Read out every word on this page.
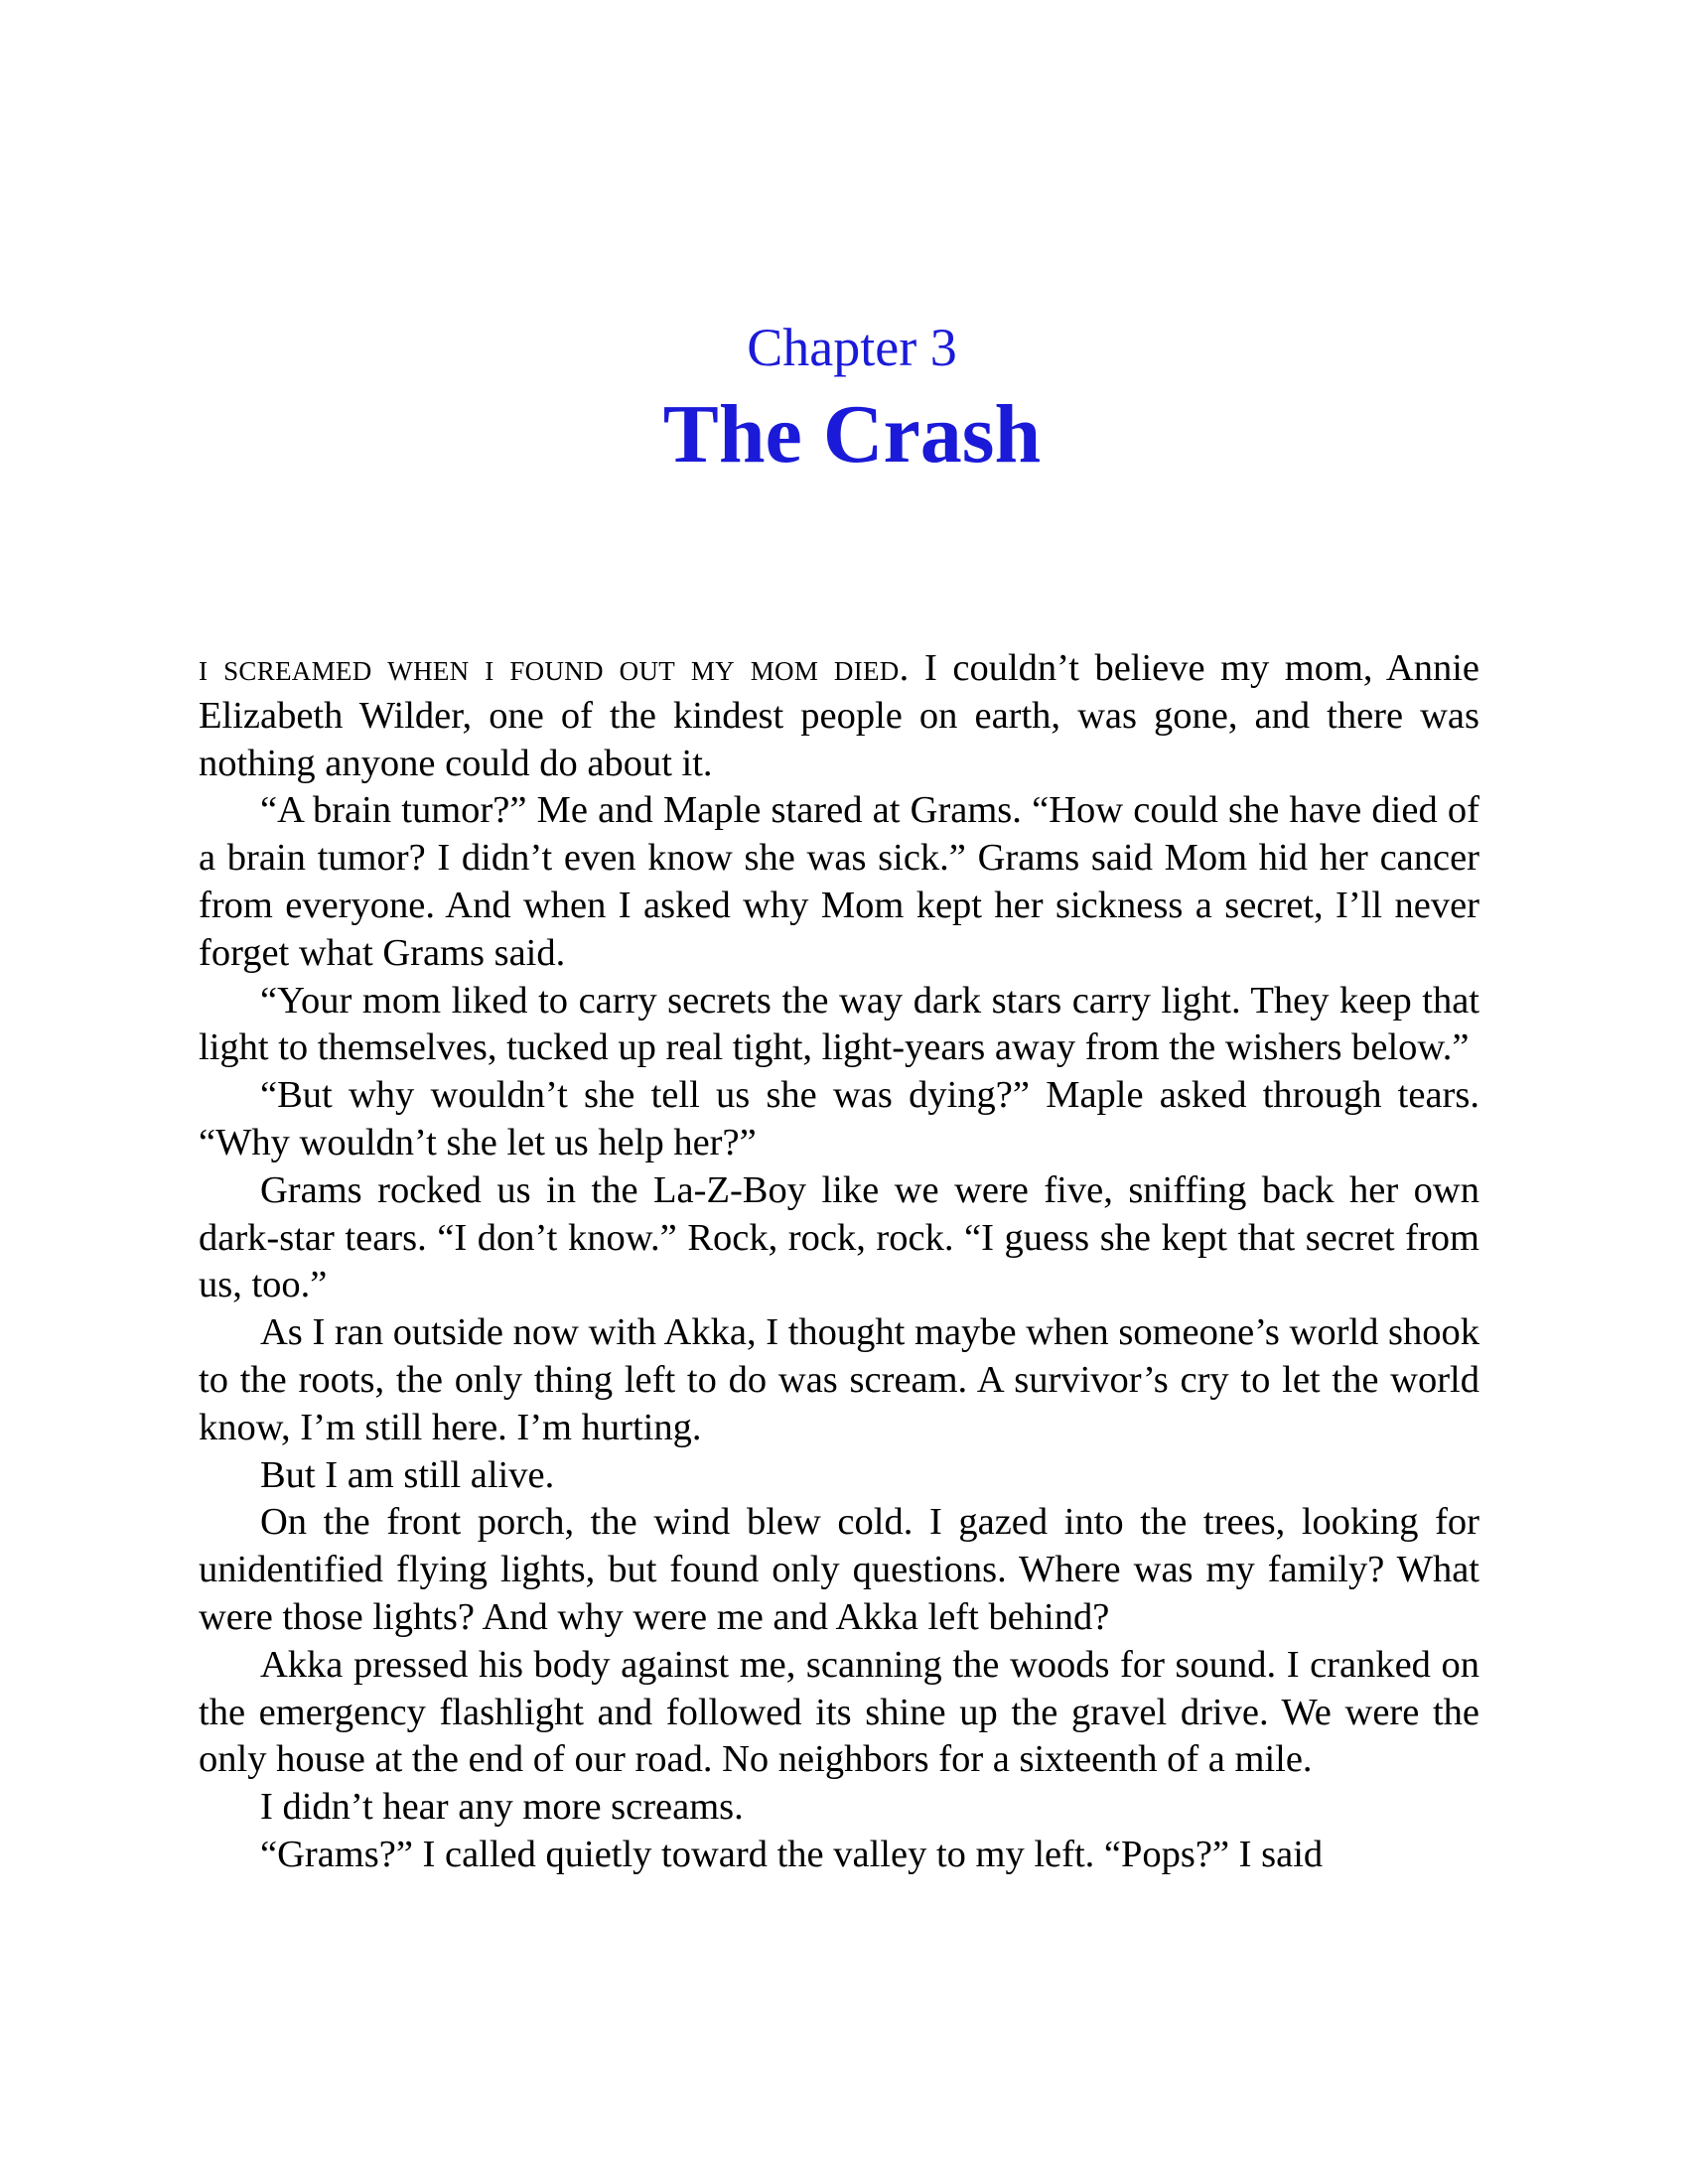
Chapter 3
The Crash

i screamed when i found out my mom died. I couldn’t believe my mom, Annie Elizabeth Wilder, one of the kindest people on earth, was gone, and there was nothing anyone could do about it.

“A brain tumor?” Me and Maple stared at Grams. “How could she have died of a brain tumor? I didn’t even know she was sick.” Grams said Mom hid her cancer from everyone. And when I asked why Mom kept her sickness a secret, I’ll never forget what Grams said.

“Your mom liked to carry secrets the way dark stars carry light. They keep that light to themselves, tucked up real tight, light-years away from the wishers below.”

“But why wouldn’t she tell us she was dying?” Maple asked through tears. “Why wouldn’t she let us help her?”

Grams rocked us in the La-Z-Boy like we were five, sniffing back her own dark-star tears. “I don’t know.” Rock, rock, rock. “I guess she kept that secret from us, too.”

As I ran outside now with Akka, I thought maybe when someone’s world shook to the roots, the only thing left to do was scream. A survivor’s cry to let the world know, I’m still here. I’m hurting.

But I am still alive.

On the front porch, the wind blew cold. I gazed into the trees, looking for unidentified flying lights, but found only questions. Where was my family? What were those lights? And why were me and Akka left behind?

Akka pressed his body against me, scanning the woods for sound. I cranked on the emergency flashlight and followed its shine up the gravel drive. We were the only house at the end of our road. No neighbors for a sixteenth of a mile.

I didn’t hear any more screams.

“Grams?” I called quietly toward the valley to my left. “Pops?” I said
